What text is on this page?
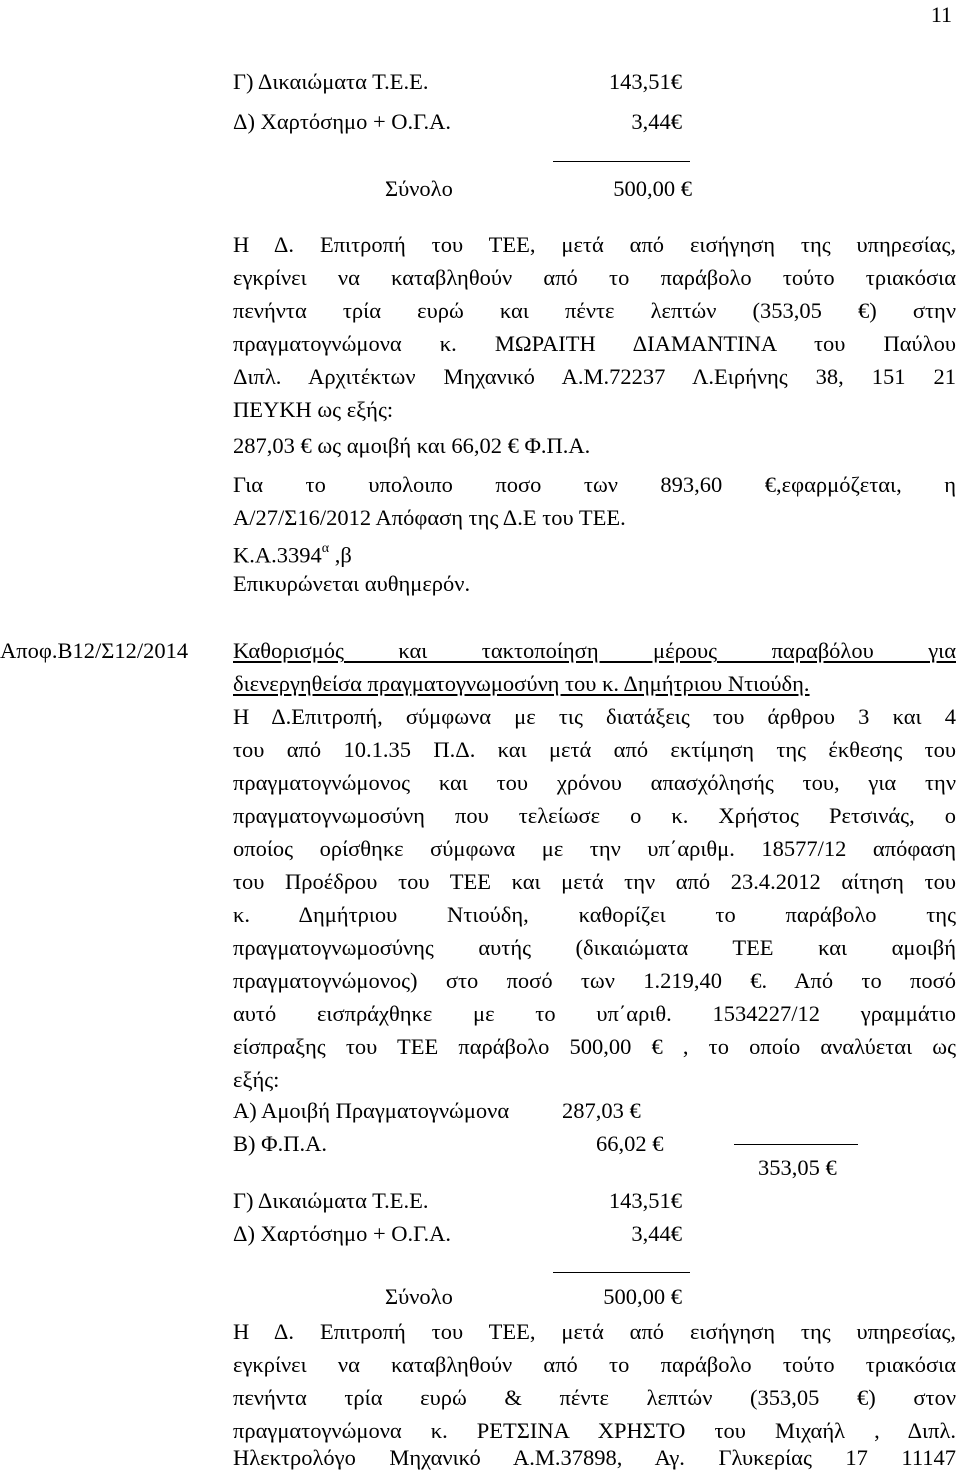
11
Γ) Δικαιώματα Τ.Ε.Ε.	143,51€
Δ) Χαρτόσημο + Ο.Γ.Α.	3,44€
Σύνολο	500,00 €
Η Δ. Επιτροπή του ΤΕΕ, μετά από εισήγηση της υπηρεσίας,
εγκρίνει να καταβληθούν από το παράβολο τούτο τριακόσια
πενήντα τρία ευρώ και πέντε λεπτών (353,05 €) στην
πραγματογνώμονα κ. ΜΩΡΑΙΤΗ ΔΙΑΜΑΝΤΙΝΑ του Παύλου
Διπλ. Αρχιτέκτων Μηχανικό Α.Μ.72237 Λ.Ειρήνης 38, 151 21
ΠΕΥΚΗ ως εξής:
287,03 € ως αμοιβή και 66,02 € Φ.Π.Α.
Για το υπολοιπο ποσο των 893,60 €,εφαρμόζεται, η
Α/27/Σ16/2012 Απόφαση της Δ.Ε του ΤΕΕ.
$K.A.3394^\alpha$ ,β
Επικυρώνεται αυθημερόν.
Αποφ.Β12/Σ12/2014 Καθορισμός και τακτοποίηση μέρους παραβόλου για
διενεργηθείσα πραγματογνωμοσύνη του κ. Δημήτριου Ντιούδη.
Η Δ.Επιτροπή, σύμφωνα με τις διατάξεις του άρθρου 3 και 4
του από 10.1.35 Π.Δ. και μετά από εκτίμηση της έκθεσης του
πραγματογνώμονος και του χρόνου απασχόλησής του, για την
πραγματογνωμοσύνη που τελείωσε ο κ. Χρήστος Ρετσινάς, ο
οποίος ορίσθηκε σύμφωνα με την υπ΄αριθμ. 18577/12 απόφαση
του Προέδρου του ΤΕΕ και μετά την από 23.4.2012 αίτηση του
κ. Δημήτριου Ντιούδη, καθορίζει το παράβολο της
πραγματογνωμοσύνης αυτής (δικαιώματα ΤΕΕ και αμοιβή
πραγματογνώμονος) στο ποσό των 1.219,40 €. Από το ποσό
αυτό εισπράχθηκε με το υπ΄αριθ. 1534227/12 γραμμάτιο
είσπραξης του ΤΕΕ παράβολο 500,00 € , το οποίο αναλύεται ως
εξής:
Α) Αμοιβή Πραγματογνώμονα 287,03 €
Β) Φ.Π.Α.	66,02 €
353,05 €
Γ) Δικαιώματα Τ.Ε.Ε.	143,51€
Δ) Χαρτόσημο + Ο.Γ.Α.	3,44€
Σύνολο	500,00 €
Η Δ. Επιτροπή του ΤΕΕ, μετά από εισήγηση της υπηρεσίας,
εγκρίνει να καταβληθούν από το παράβολο τούτο τριακόσια
πενήντα τρία ευρώ & πέντε λεπτών (353,05 €) στον
πραγματογνώμονα κ. ΡΕΤΣΙΝΑ ΧΡΗΣΤΟ του Μιχαήλ , Διπλ.
Ηλεκτρολόγο Μηχανικό Α.Μ.37898, Αγ. Γλυκερίας 17 11147
